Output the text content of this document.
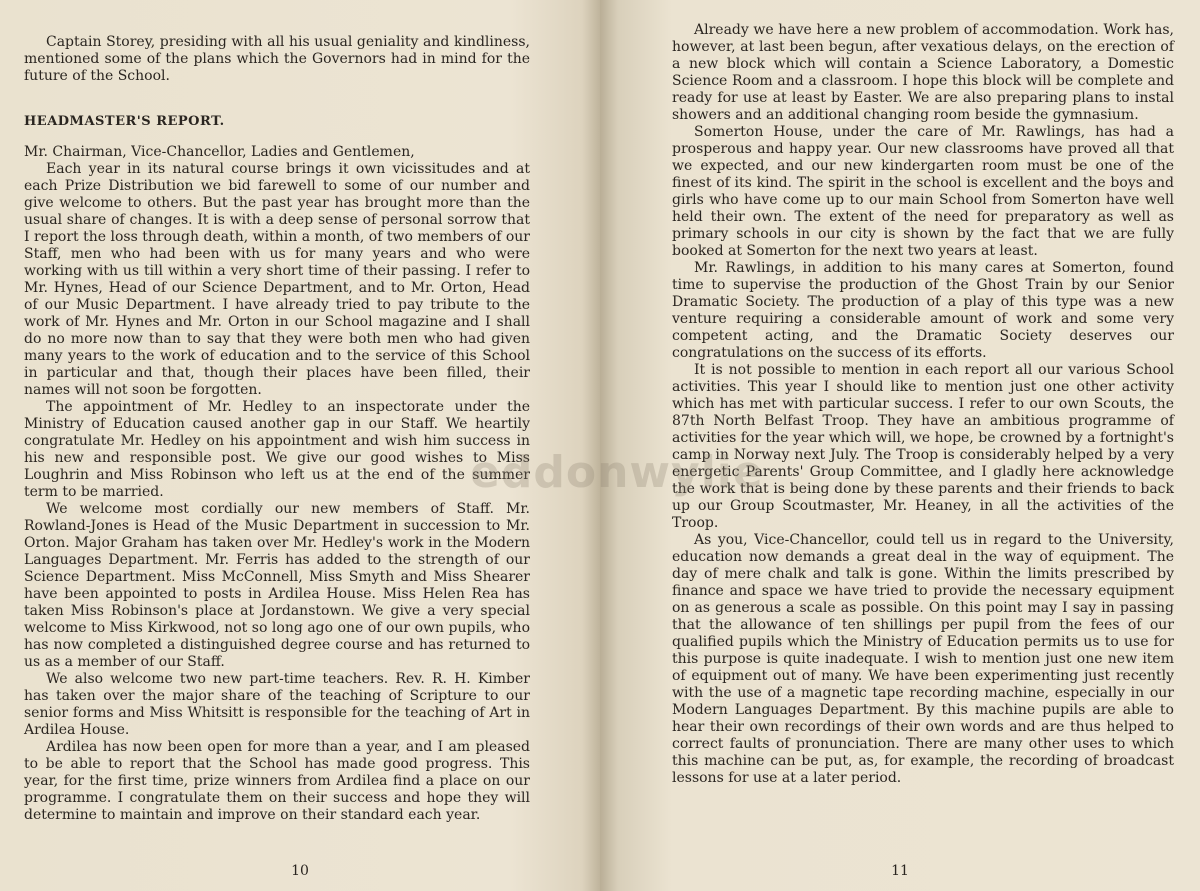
Captain Storey, presiding with all his usual geniality and kindliness, mentioned some of the plans which the Governors had in mind for the future of the School.

HEADMASTER'S REPORT.

Mr. Chairman, Vice-Chancellor, Ladies and Gentlemen,

Each year in its natural course brings it own vicissitudes and at each Prize Distribution we bid farewell to some of our number and give welcome to others. But the past year has brought more than the usual share of changes. It is with a deep sense of personal sorrow that I report the loss through death, within a month, of two members of our Staff, men who had been with us for many years and who were working with us till within a very short time of their passing. I refer to Mr. Hynes, Head of our Science Department, and to Mr. Orton, Head of our Music Department. I have already tried to pay tribute to the work of Mr. Hynes and Mr. Orton in our School magazine and I shall do no more now than to say that they were both men who had given many years to the work of education and to the service of this School in particular and that, though their places have been filled, their names will not soon be forgotten.

The appointment of Mr. Hedley to an inspectorate under the Ministry of Education caused another gap in our Staff. We heartily congratulate Mr. Hedley on his appointment and wish him success in his new and responsible post. We give our good wishes to Miss Loughrin and Miss Robinson who left us at the end of the summer term to be married.

We welcome most cordially our new members of Staff. Mr. Rowland-Jones is Head of the Music Department in succession to Mr. Orton. Major Graham has taken over Mr. Hedley's work in the Modern Languages Department. Mr. Ferris has added to the strength of our Science Department. Miss McConnell, Miss Smyth and Miss Shearer have been appointed to posts in Ardilea House. Miss Helen Rea has taken Miss Robinson's place at Jordanstown. We give a very special welcome to Miss Kirkwood, not so long ago one of our own pupils, who has now completed a distinguished degree course and has returned to us as a member of our Staff.

We also welcome two new part-time teachers. Rev. R. H. Kimber has taken over the major share of the teaching of Scripture to our senior forms and Miss Whitsitt is responsible for the teaching of Art in Ardilea House.

Ardilea has now been open for more than a year, and I am pleased to be able to report that the School has made good progress. This year, for the first time, prize winners from Ardilea find a place on our programme. I congratulate them on their success and hope they will determine to maintain and improve on their standard each year.

10

Already we have here a new problem of accommodation. Work has, however, at last been begun, after vexatious delays, on the erection of a new block which will contain a Science Laboratory, a Domestic Science Room and a classroom. I hope this block will be complete and ready for use at least by Easter. We are also preparing plans to instal showers and an additional changing room beside the gymnasium.

Somerton House, under the care of Mr. Rawlings, has had a prosperous and happy year. Our new classrooms have proved all that we expected, and our new kindergarten room must be one of the finest of its kind. The spirit in the school is excellent and the boys and girls who have come up to our main School from Somerton have well held their own. The extent of the need for preparatory as well as primary schools in our city is shown by the fact that we are fully booked at Somerton for the next two years at least.

Mr. Rawlings, in addition to his many cares at Somerton, found time to supervise the production of the Ghost Train by our Senior Dramatic Society. The production of a play of this type was a new venture requiring a considerable amount of work and some very competent acting, and the Dramatic Society deserves our congratulations on the success of its efforts.

It is not possible to mention in each report all our various School activities. This year I should like to mention just one other activity which has met with particular success. I refer to our own Scouts, the 87th North Belfast Troop. They have an ambitious programme of activities for the year which will, we hope, be crowned by a fortnight's camp in Norway next July. The Troop is considerably helped by a very energetic Parents' Group Committee, and I gladly here acknowledge the work that is being done by these parents and their friends to back up our Group Scoutmaster, Mr. Heaney, in all the activities of the Troop.

As you, Vice-Chancellor, could tell us in regard to the University, education now demands a great deal in the way of equipment. The day of mere chalk and talk is gone. Within the limits prescribed by finance and space we have tried to provide the necessary equipment on as generous a scale as possible. On this point may I say in passing that the allowance of ten shillings per pupil from the fees of our qualified pupils which the Ministry of Education permits us to use for this purpose is quite inadequate. I wish to mention just one new item of equipment out of many. We have been experimenting just recently with the use of a magnetic tape recording machine, especially in our Modern Languages Department. By this machine pupils are able to hear their own recordings of their own words and are thus helped to correct faults of pronunciation. There are many other uses to which this machine can be put, as, for example, the recording of broadcast lessons for use at a later period.

11
eddonwylie
